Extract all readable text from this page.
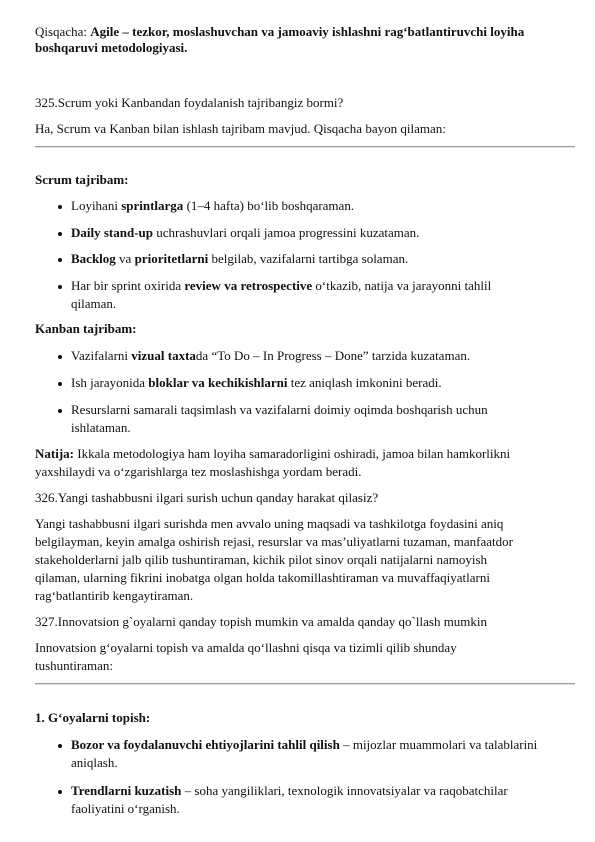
Qisqacha: Agile – tezkor, moslashuvchan va jamoaviy ishlashni rag‘batlantiruvchi loyiha
boshqaruvi metodologiyasi.
325.Scrum yoki Kanbandan foydalanish tajribangiz bormi?
Ha, Scrum va Kanban bilan ishlash tajribam mavjud. Qisqacha bayon qilaman:
Scrum tajribam:
Loyihani sprintlarga (1–4 hafta) bo‘lib boshqaraman.
Daily stand-up uchrashuvlari orqali jamoa progressini kuzataman.
Backlog va prioritetlarni belgilab, vazifalarni tartibga solaman.
Har bir sprint oxirida review va retrospective o‘tkazib, natija va jarayonni tahlil
qilaman.
Kanban tajribam:
Vazifalarni vizual taxtada “To Do – In Progress – Done” tarzida kuzataman.
Ish jarayonida bloklar va kechikishlarni tez aniqlash imkonini beradi.
Resurslarni samarali taqsimlash va vazifalarni doimiy oqimda boshqarish uchun
ishlataman.
Natija: Ikkala metodologiya ham loyiha samaradorligini oshiradi, jamoa bilan hamkorlikni
yaxshilaydi va o‘zgarishlarga tez moslashishga yordam beradi.
326.Yangi tashabbusni ilgari surish uchun qanday harakat qilasiz?
Yangi tashabbusni ilgari surishda men avvalo uning maqsadi va tashkilotga foydasini aniq
belgilayman, keyin amalga oshirish rejasi, resurslar va mas’uliyatlarni tuzaman, manfaatdor
stakeholderlarni jalb qilib tushuntiraman, kichik pilot sinov orqali natijalarni namoyish
qilaman, ularning fikrini inobatga olgan holda takomillashtiraman va muvaffaqiyatlarni
rag‘batlantirib kengaytiraman.
327.Innovatsion g`oyalarni qanday topish mumkin va amalda qanday qo`llash mumkin
Innovatsion g‘oyalarni topish va amalda qo‘llashni qisqa va tizimli qilib shunday
tushuntiraman:
1. G‘oyalarni topish:
Bozor va foydalanuvchi ehtiyojlarini tahlil qilish – mijozlar muammolari va talablarini
aniqlash.
Trendlarni kuzatish – soha yangiliklari, texnologik innovatsiyalar va raqobatchilar
faoliyatini o‘rganish.
